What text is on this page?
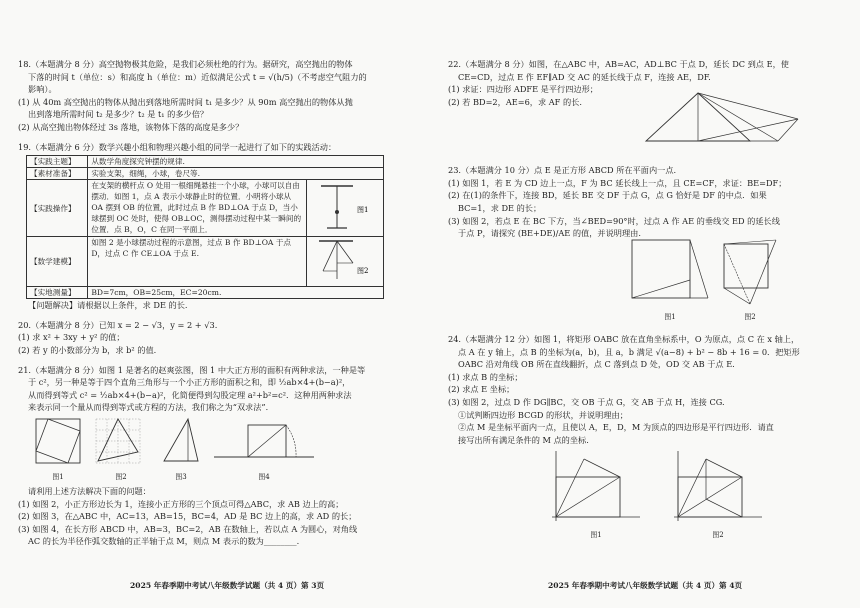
18.（本题满分 8 分）高空抛物极其危险，是我们必须杜绝的行为。据研究，高空抛出的物体

下落的时间 t（单位：s）和高度 h（单位：m）近似满足公式 t = √(h/5)（不考虑空气阻力的

影响）。

(1) 从 40m 高空抛出的物体从抛出到落地所需时间 t₁ 是多少？从 90m 高空抛出的物体从抛

出到落地所需时间 t₂ 是多少？t₂ 是 t₁ 的多少倍？

(2) 从高空抛出物体经过 3s 落地，该物体下落的高度是多少？

19.（本题满分 6 分）数学兴趣小组和物理兴趣小组的同学一起进行了如下的实践活动：

【实践主题】	从数学角度探究钟摆的规律.	
【素材准备】	实验支架，细绳，小球，卷尺等.	
【实践操作】	在支架的横杆点 O 处用一根细绳悬挂一个小球，小球可以自由摆动．如图 1，点 A 表示小球静止时的位置．小明将小球从 OA 摆到 OB 的位置，此时过点 B 作 BD⊥OA 于点 D，当小球摆到 OC 处时，使得 OB⊥OC，测得摆动过程中某一瞬间的位置．点 B，O，C 在同一平面上．	图1

【数学建模】	如图 2 是小球摆动过程的示意图，过点 B 作 BD⊥OA 于点 D，过点 C 作 CE⊥OA 于点 E.	图2

【实地测量】	BD=7cm，OB=25cm，EC=20cm.	

【问题解决】请根据以上条件，求 DE 的长.

20.（本题满分 8 分）已知 x = 2 − √3，y = 2 + √3.

(1) 求 x² + 3xy + y² 的值；

(2) 若 y 的小数部分为 b，求 b² 的值.

21.（本题满分 8 分）如图 1 是著名的赵爽弦图，图 1 中大正方形的面积有两种求法，一种是等

于 c²，另一种是等于四个直角三角形与一个小正方形的面积之和，即 ½ab×4+(b−a)²，

从而得到等式 c² = ½ab×4+(b−a)²，化简便得到勾股定理 a²+b²=c²．这种用两种求法

来表示同一个量从而得到等式或方程的方法，我们称之为“双求法”．

图1	图2	图3	图4

请利用上述方法解决下面的问题：

(1) 如图 2，小正方形边长为 1，连接小正方形的三个顶点可得△ABC，求 AB 边上的高；

(2) 如图 3，在△ABC 中，AC=13，AB=15，BC=4，AD 是 BC 边上的高，求 AD 的长；

(3) 如图 4，在长方形 ABCD 中，AB=3，BC=2，AB 在数轴上，若以点 A 为圆心，对角线

AC 的长为半径作弧交数轴的正半轴于点 M，则点 M 表示的数为________.

2025 年春季期中考试八年级数学试题（共 4 页）第 3页

22.（本题满分 8 分）如图，在△ABC 中，AB=AC，AD⊥BC 于点 D，延长 DC 到点 E，使

CE=CD，过点 E 作 EF∥AD 交 AC 的延长线于点 F，连接 AE，DF.

(1) 求证：四边形 ADFE 是平行四边形；

(2) 若 BD=2，AE=6，求 AF 的长.

23.（本题满分 10 分）点 E 是正方形 ABCD 所在平面内一点.

(1) 如图 1，若 E 为 CD 边上一点，F 为 BC 延长线上一点，且 CE=CF，求证：BE=DF；

(2) 在(1)的条件下，连接 BD，延长 BE 交 DF 于点 G，点 G 恰好是 DF 的中点．如果

BC=1，求 DE 的长；

(3) 如图 2，若点 E 在 BC 下方，当∠BED=90°时，过点 A 作 AE 的垂线交 ED 的延长线

于点 P，请探究 (BE+DE)/AE 的值，并说明理由.

图1	图2

24.（本题满分 12 分）如图 1，将矩形 OABC 放在直角坐标系中，O 为原点，点 C 在 x 轴上，

点 A 在 y 轴上，点 B 的坐标为(a，b)，且 a，b 满足 √(a−8) + b² − 8b + 16 = 0．把矩形

OABC 沿对角线 OB 所在直线翻折，点 C 落到点 D 处，OD 交 AB 于点 E.

(1) 求点 B 的坐标；

(2) 求点 E 坐标；

(3) 如图 2，过点 D 作 DG∥BC，交 OB 于点 G，交 AB 于点 H，连接 CG.

①试判断四边形 BCGD 的形状，并说明理由；

②点 M 是坐标平面内一点，且使以 A，E，D，M 为顶点的四边形是平行四边形．请直

接写出所有满足条件的 M 点的坐标.

图1	图2
2025 年春季期中考试八年级数学试题（共 4 页）第 4页
